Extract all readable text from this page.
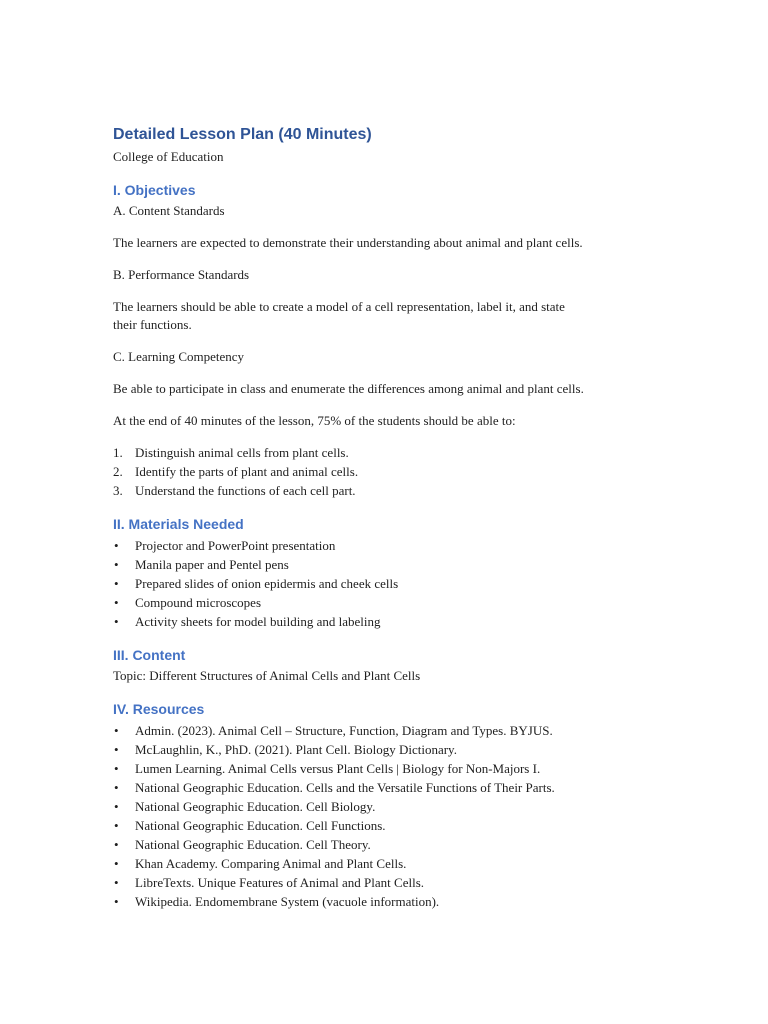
Detailed Lesson Plan (40 Minutes)

College of Education

I. Objectives

A. Content Standards

The learners are expected to demonstrate their understanding about animal and plant cells.

B. Performance Standards

The learners should be able to create a model of a cell representation, label it, and state
their functions.

C. Learning Competency

Be able to participate in class and enumerate the differences among animal and plant cells.

At the end of 40 minutes of the lesson, 75% of the students should be able to:

1. Distinguish animal cells from plant cells.
2. Identify the parts of plant and animal cells.
3. Understand the functions of each cell part.
II. Materials Needed
• Projector and PowerPoint presentation
• Manila paper and Pentel pens
• Prepared slides of onion epidermis and cheek cells
• Compound microscopes
• Activity sheets for model building and labeling
III. Content

Topic: Different Structures of Animal Cells and Plant Cells

IV. Resources
• Admin. (2023). Animal Cell – Structure, Function, Diagram and Types. BYJUS.
• McLaughlin, K., PhD. (2021). Plant Cell. Biology Dictionary.
• Lumen Learning. Animal Cells versus Plant Cells | Biology for Non-Majors I.
• National Geographic Education. Cells and the Versatile Functions of Their Parts.
• National Geographic Education. Cell Biology.
• National Geographic Education. Cell Functions.
• National Geographic Education. Cell Theory.
• Khan Academy. Comparing Animal and Plant Cells.
• LibreTexts. Unique Features of Animal and Plant Cells.
• Wikipedia. Endomembrane System (vacuole information).
